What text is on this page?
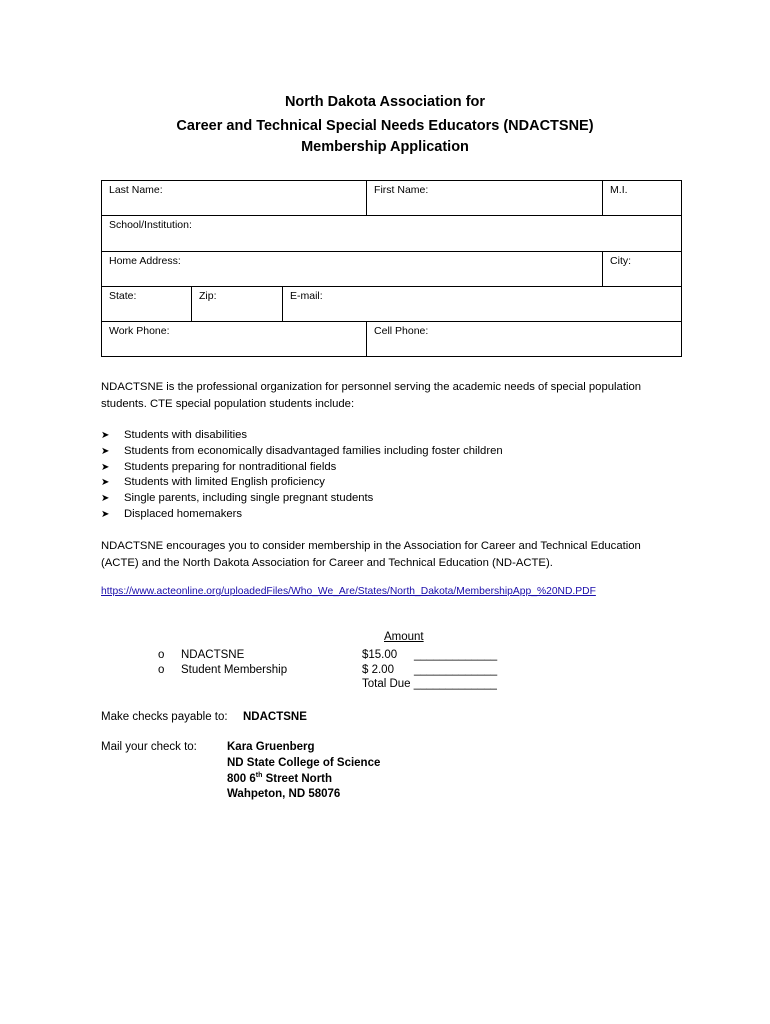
North Dakota Association for
Career and Technical Special Needs Educators (NDACTSNE)
Membership Application
Last Name:			First Name:	M.I.

School/Institution:				

Home Address:				City:

State:	Zip:	E-mail:		

Work Phone:			Cell Phone:	
NDACTSNE is the professional organization for personnel serving the academic needs of special population students. CTE special population students include:
➤	Students with disabilities
➤	Students from economically disadvantaged families including foster children
➤	Students preparing for nontraditional fields
➤	Students with limited English proficiency
➤	Single parents, including single pregnant students
➤	Displaced homemakers
NDACTSNE encourages you to consider membership in the Association for Career and Technical Education (ACTE) and the North Dakota Association for Career and Technical Education (ND-ACTE).
https://www.acteonline.org/uploadedFiles/Who_We_Are/States/North_Dakota/MembershipApp_%20ND.PDF
Amount
o NDACTSNE	$15.00 _____________
o Student Membership	$ 2.00 _____________
Total Due _____________
Make checks payable to: NDACTSNE
Mail your check to:	Kara Gruenberg
ND State College of Science
800 6th Street North
Wahpeton, ND 58076
